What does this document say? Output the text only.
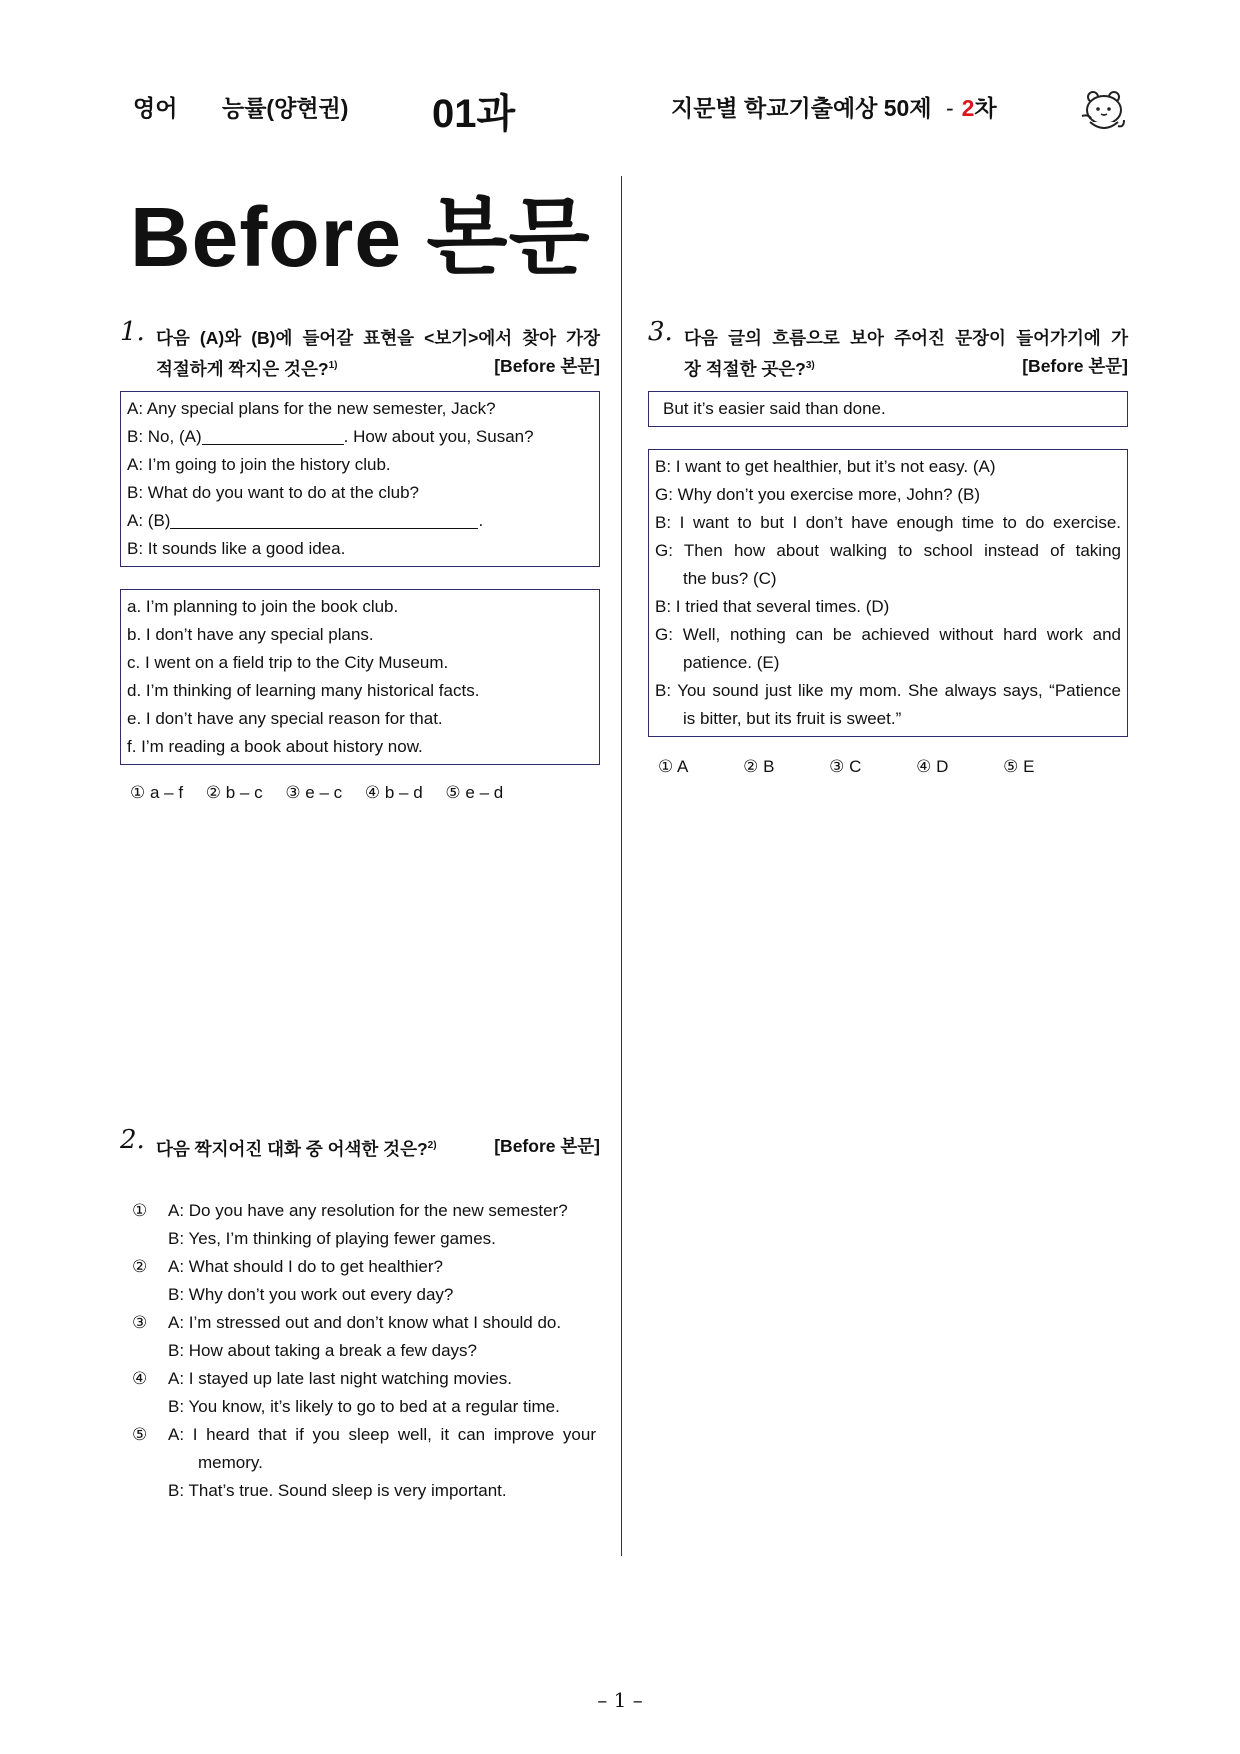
영어 능률(양현권) 01과	지문별 학교기출예상 50제 - 2차
Before 본문
1. 다음 (A)와 (B)에 들어갈 표현을 <보기>에서 찾아 가장
적절하게 짝지은 것은?$^{1)}$	[Before 본문]
A: Any special plans for the new semester, Jack?
B: No, (A)	. How about you, Susan?
A: I’m going to join the history club.
B: What do you want to do at the club?
A: (B)	.
B: It sounds like a good idea.
a. I’m planning to join the book club.
b. I don’t have any special plans.
c. I went on a field trip to the City Museum.
d. I’m thinking of learning many historical facts.
e. I don’t have any special reason for that.
f. I’m reading a book about history now.
① a – f ② b – c ③ e – c ④ b – d ⑤ e – d
2. 다음 짝지어진 대화 중 어색한 것은?$^{2)}$	[Before 본문]
① A: Do you have any resolution for the new semester?
B: Yes, I’m thinking of playing fewer games.
② A: What should I do to get healthier?
B: Why don’t you work out every day?
③ A: I’m stressed out and don’t know what I should do.
B: How about taking a break a few days?
④ A: I stayed up late last night watching movies.
B: You know, it’s likely to go to bed at a regular time.
⑤ A: I heard that if you sleep well, it can improve your
memory.
B: That’s true. Sound sleep is very important.
3. 다음 글의 흐름으로 보아 주어진 문장이 들어가기에 가
장 적절한 곳은?$^{3)}$	[Before 본문]
But it’s easier said than done.
B: I want to get healthier, but it’s not easy. (A)
G: Why don’t you exercise more, John? (B)
B: I want to but I don’t have enough time to do exercise.
G: Then how about walking to school instead of taking
the bus? (C)
B: I tried that several times. (D)
G: Well, nothing can be achieved without hard work and
patience. (E)
B: You sound just like my mom. She always says, “Patience
is bitter, but its fruit is sweet.”
① A	② B	③ C	④ D	⑤ E
– 1 –
